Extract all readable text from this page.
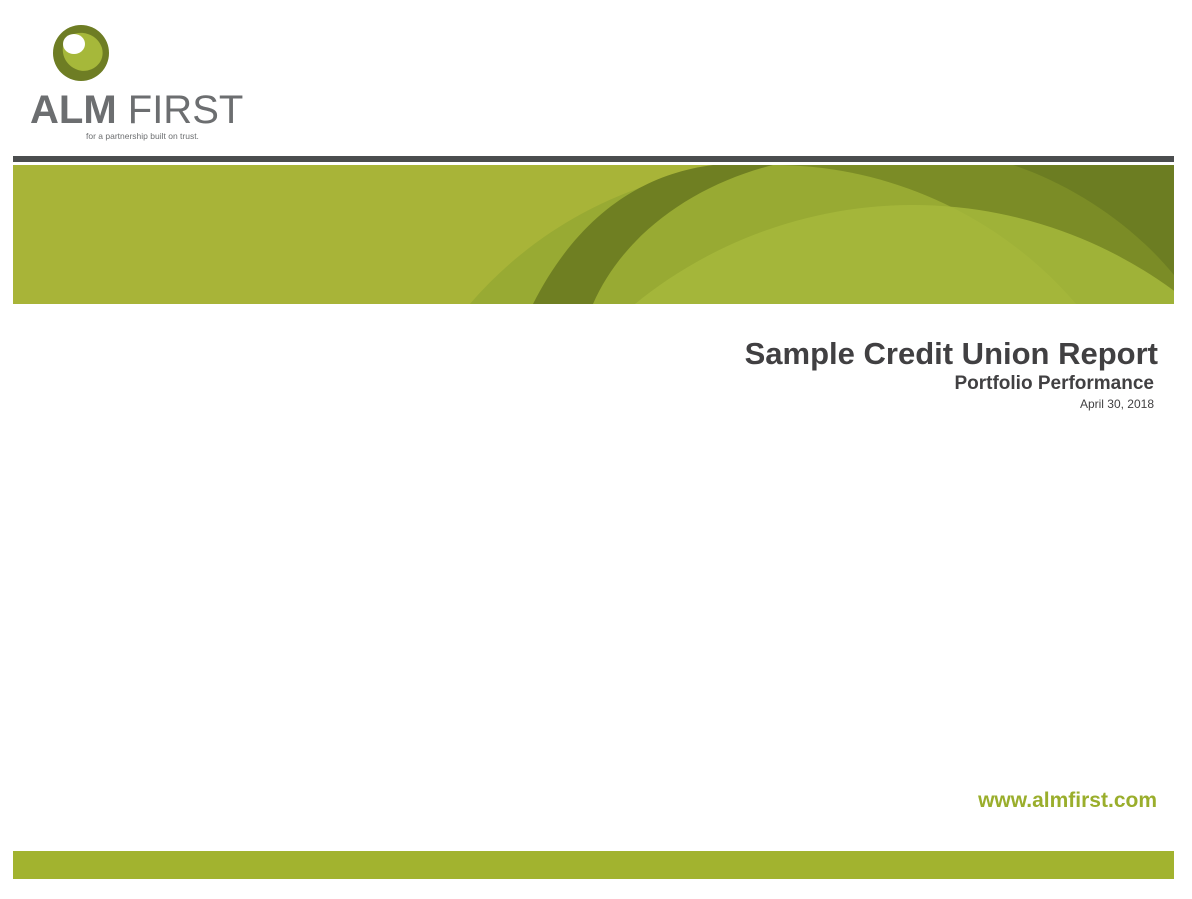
ALM FIRST
for a partnership built on trust.
Sample Credit Union Report
Portfolio Performance
April 30, 2018
www.almfirst.com
